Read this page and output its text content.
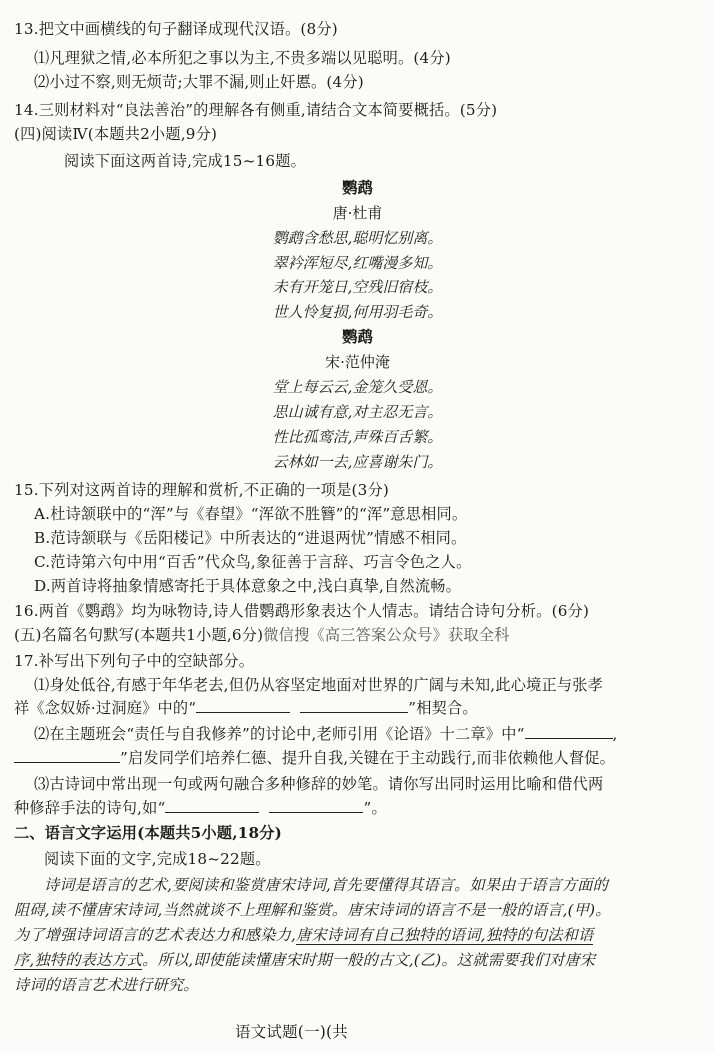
13.把文中画横线的句子翻译成现代汉语。(8分)
⑴凡理狱之情,必本所犯之事以为主,不贵多端以见聪明。(4分)
⑵小过不察,则无烦苛;大罪不漏,则止奸慝。(4分)
14.三则材料对“良法善治”的理解各有侧重,请结合文本简要概括。(5分)
(四)阅读Ⅳ(本题共2小题,9分)
阅读下面这两首诗,完成15~16题。
鹦鹉
唐·杜甫
鹦鹉含愁思,聪明忆别离。
翠衿浑短尽,红嘴漫多知。
未有开笼日,空残旧宿枝。
世人怜复损,何用羽毛奇。
鹦鹉
宋·范仲淹
堂上每云云,金笼久受恩。
思山诚有意,对主忍无言。
性比孤鸾洁,声殊百舌繁。
云林如一去,应喜谢朱门。
15.下列对这两首诗的理解和赏析,不正确的一项是(3分)
A.杜诗颔联中的“浑”与《春望》“浑欲不胜簪”的“浑”意思相同。
B.范诗颔联与《岳阳楼记》中所表达的“进退两忧”情感不相同。
C.范诗第六句中用“百舌”代众鸟,象征善于言辞、巧言令色之人。
D.两首诗将抽象情感寄托于具体意象之中,浅白真挚,自然流畅。
16.两首《鹦鹉》均为咏物诗,诗人借鹦鹉形象表达个人情志。请结合诗句分析。(6分)
(五)名篇名句默写(本题共1小题,6分)微信搜《高三答案公众号》获取全科
17.补写出下列句子中的空缺部分。
⑴身处低谷,有感于年华老去,但仍从容坚定地面对世界的广阔与未知,此心境正与张孝
祥《念奴娇·过洞庭》中的“	”相契合。
⑵在主题班会“责任与自我修养”的讨论中,老师引用《论语》十二章》中“	,
”启发同学们培养仁德、提升自我,关键在于主动践行,而非依赖他人督促。
⑶古诗词中常出现一句或两句融合多种修辞的妙笔。请你写出同时运用比喻和借代两
种修辞手法的诗句,如“	”。
二、语言文字运用(本题共5小题,18分)
阅读下面的文字,完成18~22题。
诗词是语言的艺术,要阅读和鉴赏唐宋诗词,首先要懂得其语言。如果由于语言方面的
阻碍,读不懂唐宋诗词,当然就谈不上理解和鉴赏。唐宋诗词的语言不是一般的语言,(甲)。
为了增强诗词语言的艺术表达力和感染力,唐宋诗词有自己独特的语词,独特的句法和语
序,独特的表达方式。所以,即使能读懂唐宋时期一般的古文,(乙)。这就需要我们对唐宋
诗词的语言艺术进行研究。
语文试题(一)(共
